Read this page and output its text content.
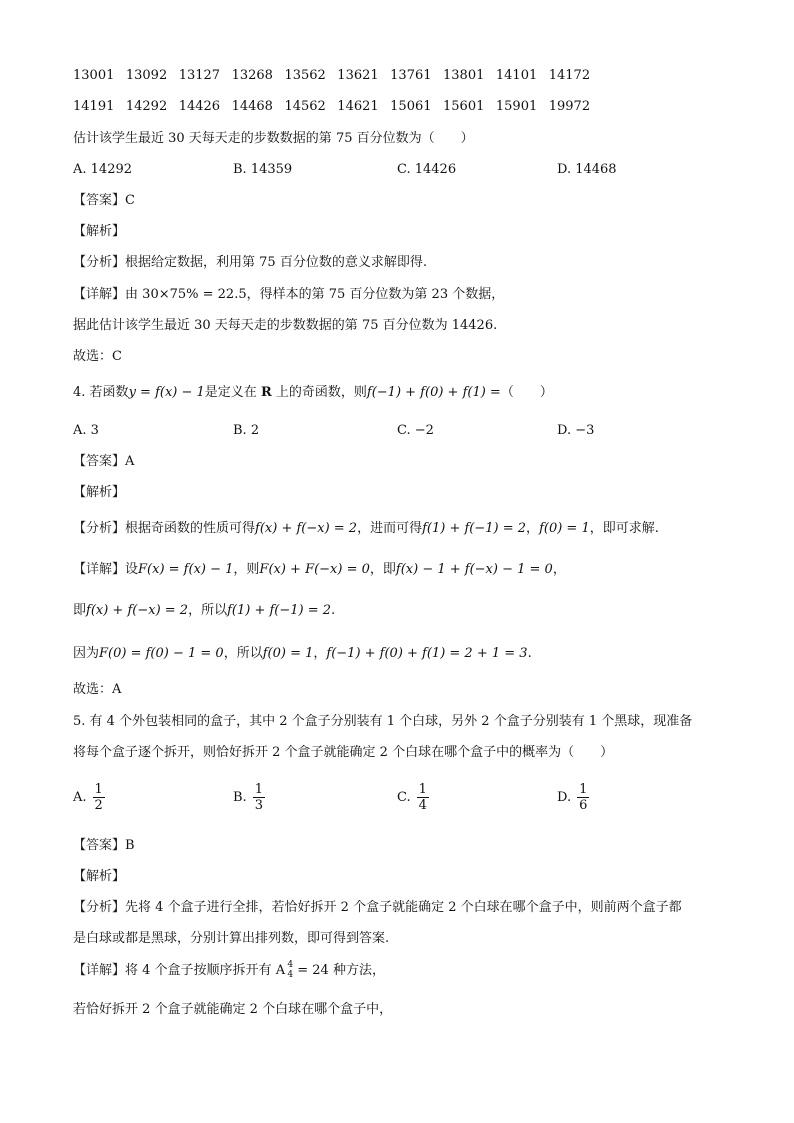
13001 13092 13127 13268 13562 13621 13761 13801 14101 14172
14191 14292 14426 14468 14562 14621 15061 15601 15901 19972
估计该学生最近 30 天每天走的步数数据的第 75 百分位数为（　　）
A. 14292	B. 14359	C. 14426	D. 14468
【答案】C
【解析】
【分析】根据给定数据，利用第 75 百分位数的意义求解即得.
【详解】由 30×75% = 22.5，得样本的第 75 百分位数为第 23 个数据，
据此估计该学生最近 30 天每天走的步数数据的第 75 百分位数为 14426.
故选：C
4. 若函数y = f(x) − 1是定义在 R 上的奇函数，则f(−1) + f(0) + f(1) =（　　）
A. 3	B. 2	C. −2	D. −3
【答案】A
【解析】
【分析】根据奇函数的性质可得f(x) + f(−x) = 2，进而可得f(1) + f(−1) = 2，f(0) = 1，即可求解.
【详解】设F(x) = f(x) − 1，则F(x) + F(−x) = 0，即f(x) − 1 + f(−x) − 1 = 0，
即f(x) + f(−x) = 2，所以f(1) + f(−1) = 2.
因为F(0) = f(0) − 1 = 0，所以f(0) = 1，f(−1) + f(0) + f(1) = 2 + 1 = 3.
故选：A
5. 有 4 个外包装相同的盒子，其中 2 个盒子分别装有 1 个白球，另外 2 个盒子分别装有 1 个黑球，现准备
将每个盒子逐个拆开，则恰好拆开 2 个盒子就能确定 2 个白球在哪个盒子中的概率为（　　）
A. $\frac{1}{2}$	B. $\frac{1}{3}$	C. $\frac{1}{4}$	D. $\frac{1}{6}$
【答案】B
【解析】
【分析】先将 4 个盒子进行全排，若恰好拆开 2 个盒子就能确定 2 个白球在哪个盒子中，则前两个盒子都
是白球或都是黑球，分别计算出排列数，即可得到答案.
【详解】将 4 个盒子按顺序拆开有 A 4
4 = 24 种方法，
若恰好拆开 2 个盒子就能确定 2 个白球在哪个盒子中，
